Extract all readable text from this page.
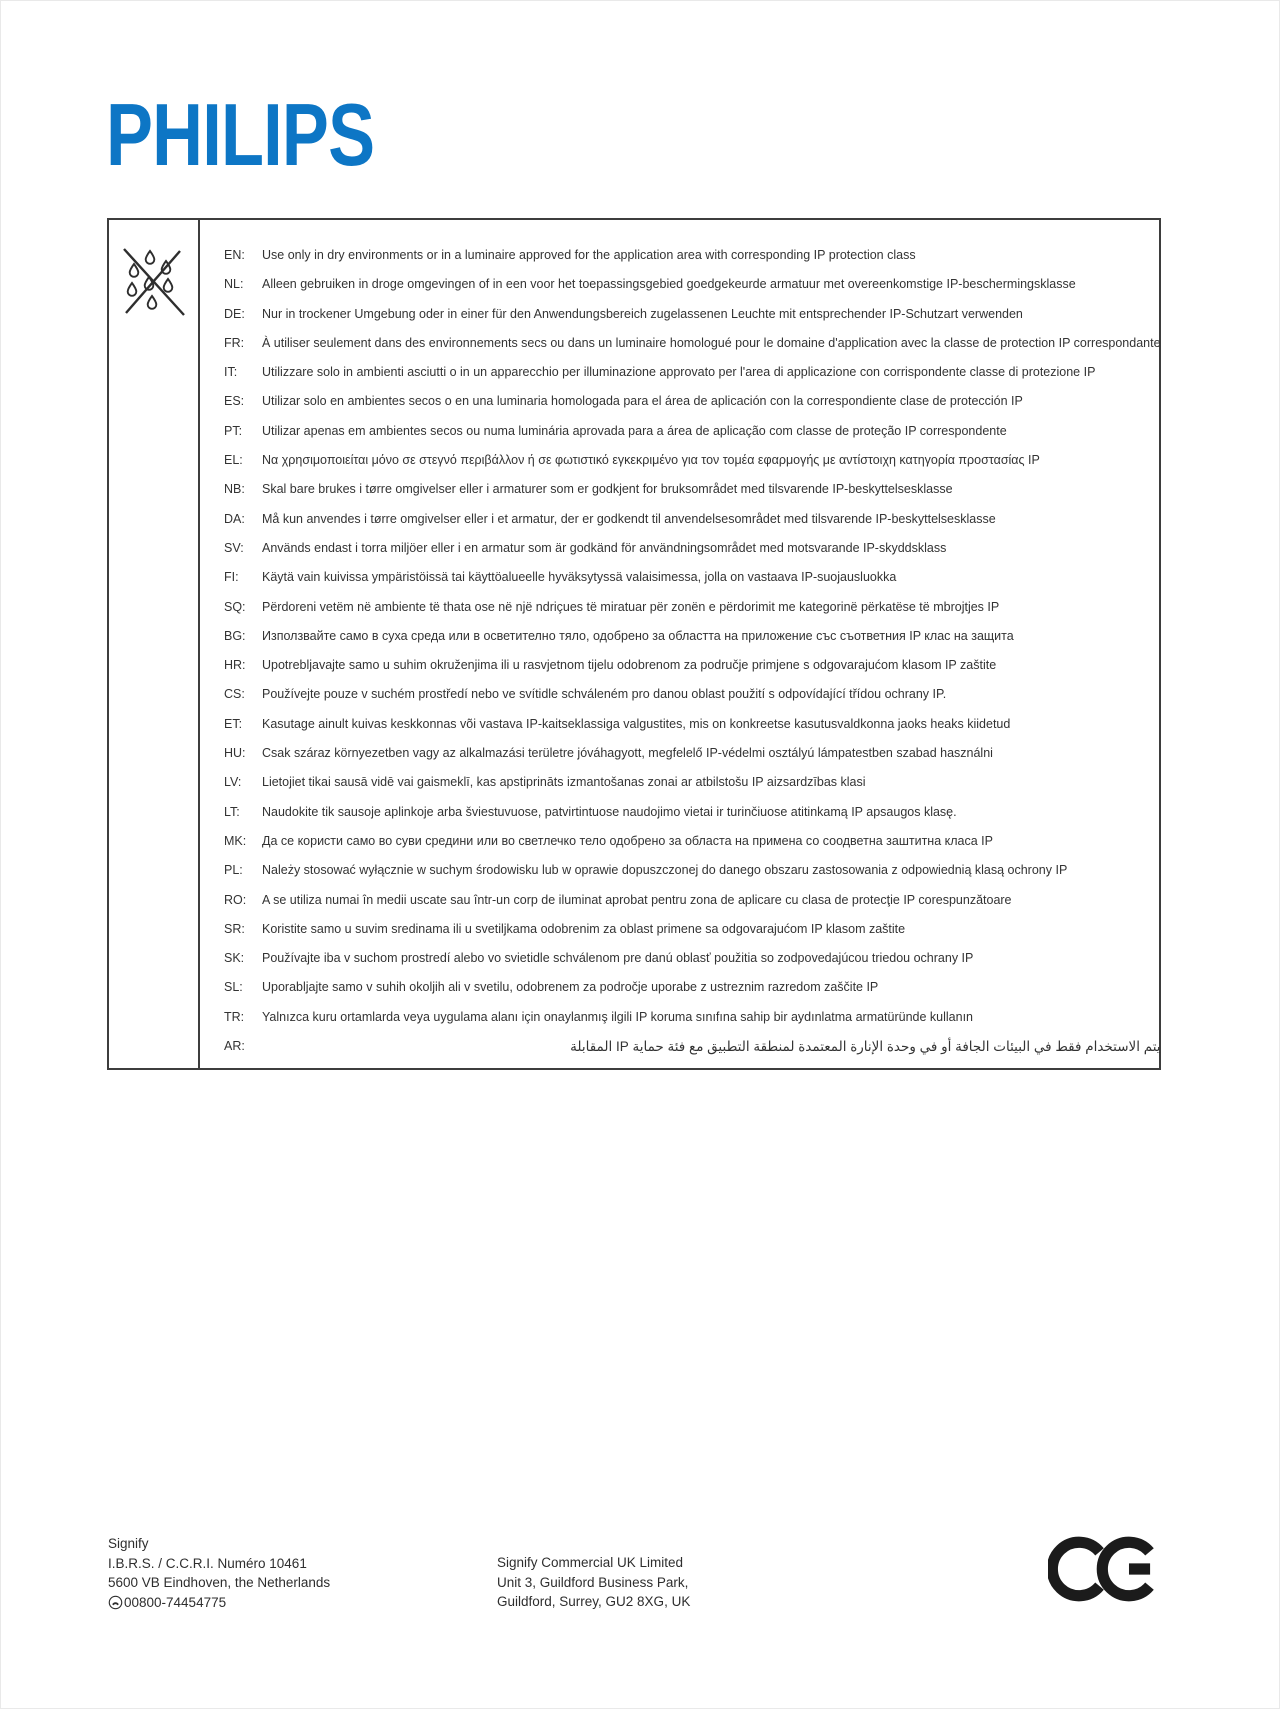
PHILIPS
EN:	Use only in dry environments or in a luminaire approved for the application area with corresponding IP protection class
NL:	Alleen gebruiken in droge omgevingen of in een voor het toepassingsgebied goedgekeurde armatuur met overeenkomstige IP-beschermingsklasse
DE:	Nur in trockener Umgebung oder in einer für den Anwendungsbereich zugelassenen Leuchte mit entsprechender IP-Schutzart verwenden
FR:	À utiliser seulement dans des environnements secs ou dans un luminaire homologué pour le domaine d'application avec la classe de protection IP correspondante
IT:	Utilizzare solo in ambienti asciutti o in un apparecchio per illuminazione approvato per l'area di applicazione con corrispondente classe di protezione IP
ES:	Utilizar solo en ambientes secos o en una luminaria homologada para el área de aplicación con la correspondiente clase de protección IP
PT:	Utilizar apenas em ambientes secos ou numa luminária aprovada para a área de aplicação com classe de proteção IP correspondente
EL:	Να χρησιμοποιείται μόνο σε στεγνό περιβάλλον ή σε φωτιστικό εγκεκριμένο για τον τομέα εφαρμογής με αντίστοιχη κατηγορία προστασίας IP
NB:	Skal bare brukes i tørre omgivelser eller i armaturer som er godkjent for bruksområdet med tilsvarende IP-beskyttelsesklasse
DA:	Må kun anvendes i tørre omgivelser eller i et armatur, der er godkendt til anvendelsesområdet med tilsvarende IP-beskyttelsesklasse
SV:	Används endast i torra miljöer eller i en armatur som är godkänd för användningsområdet med motsvarande IP-skyddsklass
FI:	Käytä vain kuivissa ympäristöissä tai käyttöalueelle hyväksytyssä valaisimessa, jolla on vastaava IP-suojausluokka
SQ:	Përdoreni vetëm në ambiente të thata ose në një ndriçues të miratuar për zonën e përdorimit me kategorinë përkatëse të mbrojtjes IP
BG:	Използвайте само в суха среда или в осветително тяло, одобрено за областта на приложение със съответния IP клас на защита
HR:	Upotrebljavajte samo u suhim okruženjima ili u rasvjetnom tijelu odobrenom za područje primjene s odgovarajućom klasom IP zaštite
CS:	Používejte pouze v suchém prostředí nebo ve svítidle schváleném pro danou oblast použití s odpovídající třídou ochrany IP.
ET:	Kasutage ainult kuivas keskkonnas või vastava IP-kaitseklassiga valgustites, mis on konkreetse kasutusvaldkonna jaoks heaks kiidetud
HU:	Csak száraz környezetben vagy az alkalmazási területre jóváhagyott, megfelelő IP-védelmi osztályú lámpatestben szabad használni
LV:	Lietojiet tikai sausā vidē vai gaismeklī, kas apstiprināts izmantošanas zonai ar atbilstošu IP aizsardzības klasi
LT:	Naudokite tik sausoje aplinkoje arba šviestuvuose, patvirtintuose naudojimo vietai ir turinčiuose atitinkamą IP apsaugos klasę.
MK:	Да се користи само во суви средини или во светлечко тело одобрено за областа на примена со соодветна заштитна класа IP
PL:	Należy stosować wyłącznie w suchym środowisku lub w oprawie dopuszczonej do danego obszaru zastosowania z odpowiednią klasą ochrony IP
RO:	A se utiliza numai în medii uscate sau într-un corp de iluminat aprobat pentru zona de aplicare cu clasa de protecţie IP corespunzătoare
SR:	Koristite samo u suvim sredinama ili u svetiljkama odobrenim za oblast primene sa odgovarajućom IP klasom zaštite
SK:	Používajte iba v suchom prostredí alebo vo svietidle schválenom pre danú oblasť použitia so zodpovedajúcou triedou ochrany IP
SL:	Uporabljajte samo v suhih okoljih ali v svetilu, odobrenem za področje uporabe z ustreznim razredom zaščite IP
TR:	Yalnızca kuru ortamlarda veya uygulama alanı için onaylanmış ilgili IP koruma sınıfına sahip bir aydınlatma armatüründe kullanın
AR:	يتم الاستخدام فقط في البيئات الجافة أو في وحدة الإنارة المعتمدة لمنطقة التطبيق مع فئة حماية IP المقابلة
Signify
I.B.R.S. / C.C.R.I. Numéro 10461
5600 VB Eindhoven, the Netherlands
00800-74454775
Signify Commercial UK Limited
Unit 3, Guildford Business Park,
Guildford, Surrey, GU2 8XG, UK
